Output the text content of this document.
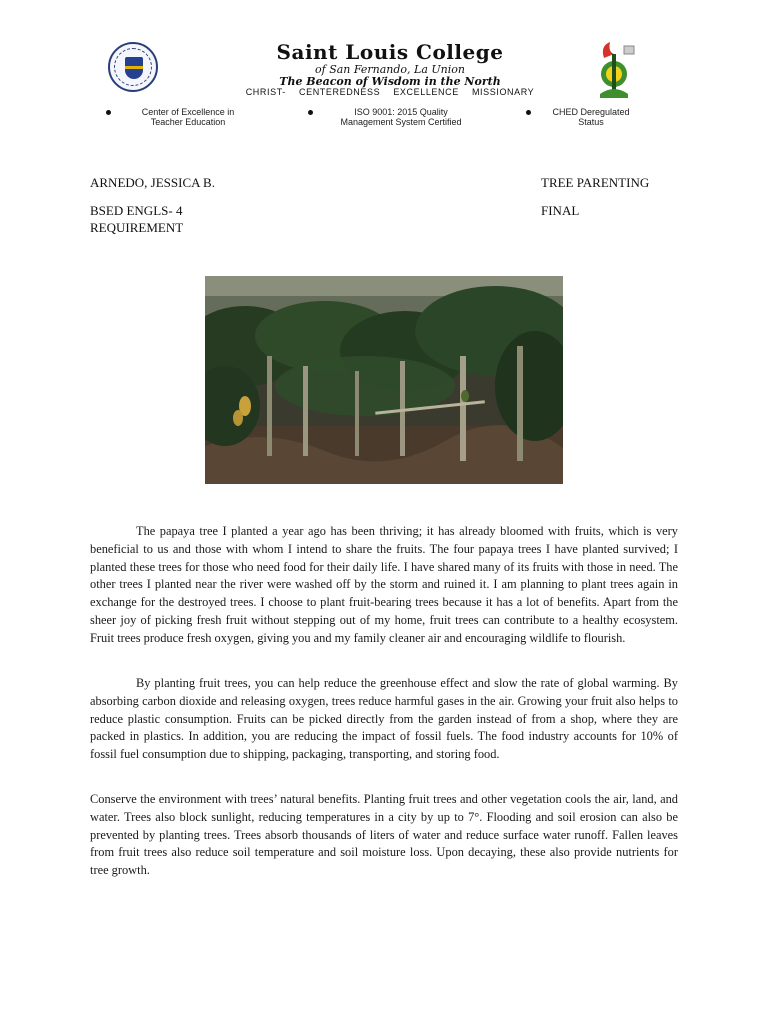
Saint Louis College
of San Fernando, La Union
The Beacon of Wisdom in the North
CHRIST- CENTEREDNESS EXCELLENCE MISSIONARY
Center of Excellence in
Teacher Education
ISO 9001: 2015 Quality
Management System Certified
CHED Deregulated
Status
ARNEDO, JESSICA B.	TREE PARENTING
BSED ENGLS- 4	FINAL
REQUIREMENT

The papaya tree I planted a year ago has been thriving; it has already bloomed with fruits, which is very beneficial to us and those with whom I intend to share the fruits. The four papaya trees I have planted survived; I planted these trees for those who need food for their daily life. I have shared many of its fruits with those in need. The other trees I planted near the river were washed off by the storm and ruined it. I am planning to plant trees again in exchange for the destroyed trees. I choose to plant fruit-bearing trees because it has a lot of benefits. Apart from the sheer joy of picking fresh fruit without stepping out of my home, fruit trees can contribute to a healthy ecosystem. Fruit trees produce fresh oxygen, giving you and my family cleaner air and encouraging wildlife to flourish.

By planting fruit trees, you can help reduce the greenhouse effect and slow the rate of global warming. By absorbing carbon dioxide and releasing oxygen, trees reduce harmful gases in the air. Growing your fruit also helps to reduce plastic consumption. Fruits can be picked directly from the garden instead of from a shop, where they are packed in plastics. In addition, you are reducing the impact of fossil fuels. The food industry accounts for 10% of fossil fuel consumption due to shipping, packaging, transporting, and storing food.

Conserve the environment with trees’ natural benefits. Planting fruit trees and other vegetation cools the air, land, and water. Trees also block sunlight, reducing temperatures in a city by up to 7°. Flooding and soil erosion can also be prevented by planting trees. Trees absorb thousands of liters of water and reduce surface water runoff. Fallen leaves from fruit trees also reduce soil temperature and soil moisture loss. Upon decaying, these also provide nutrients for tree growth.
